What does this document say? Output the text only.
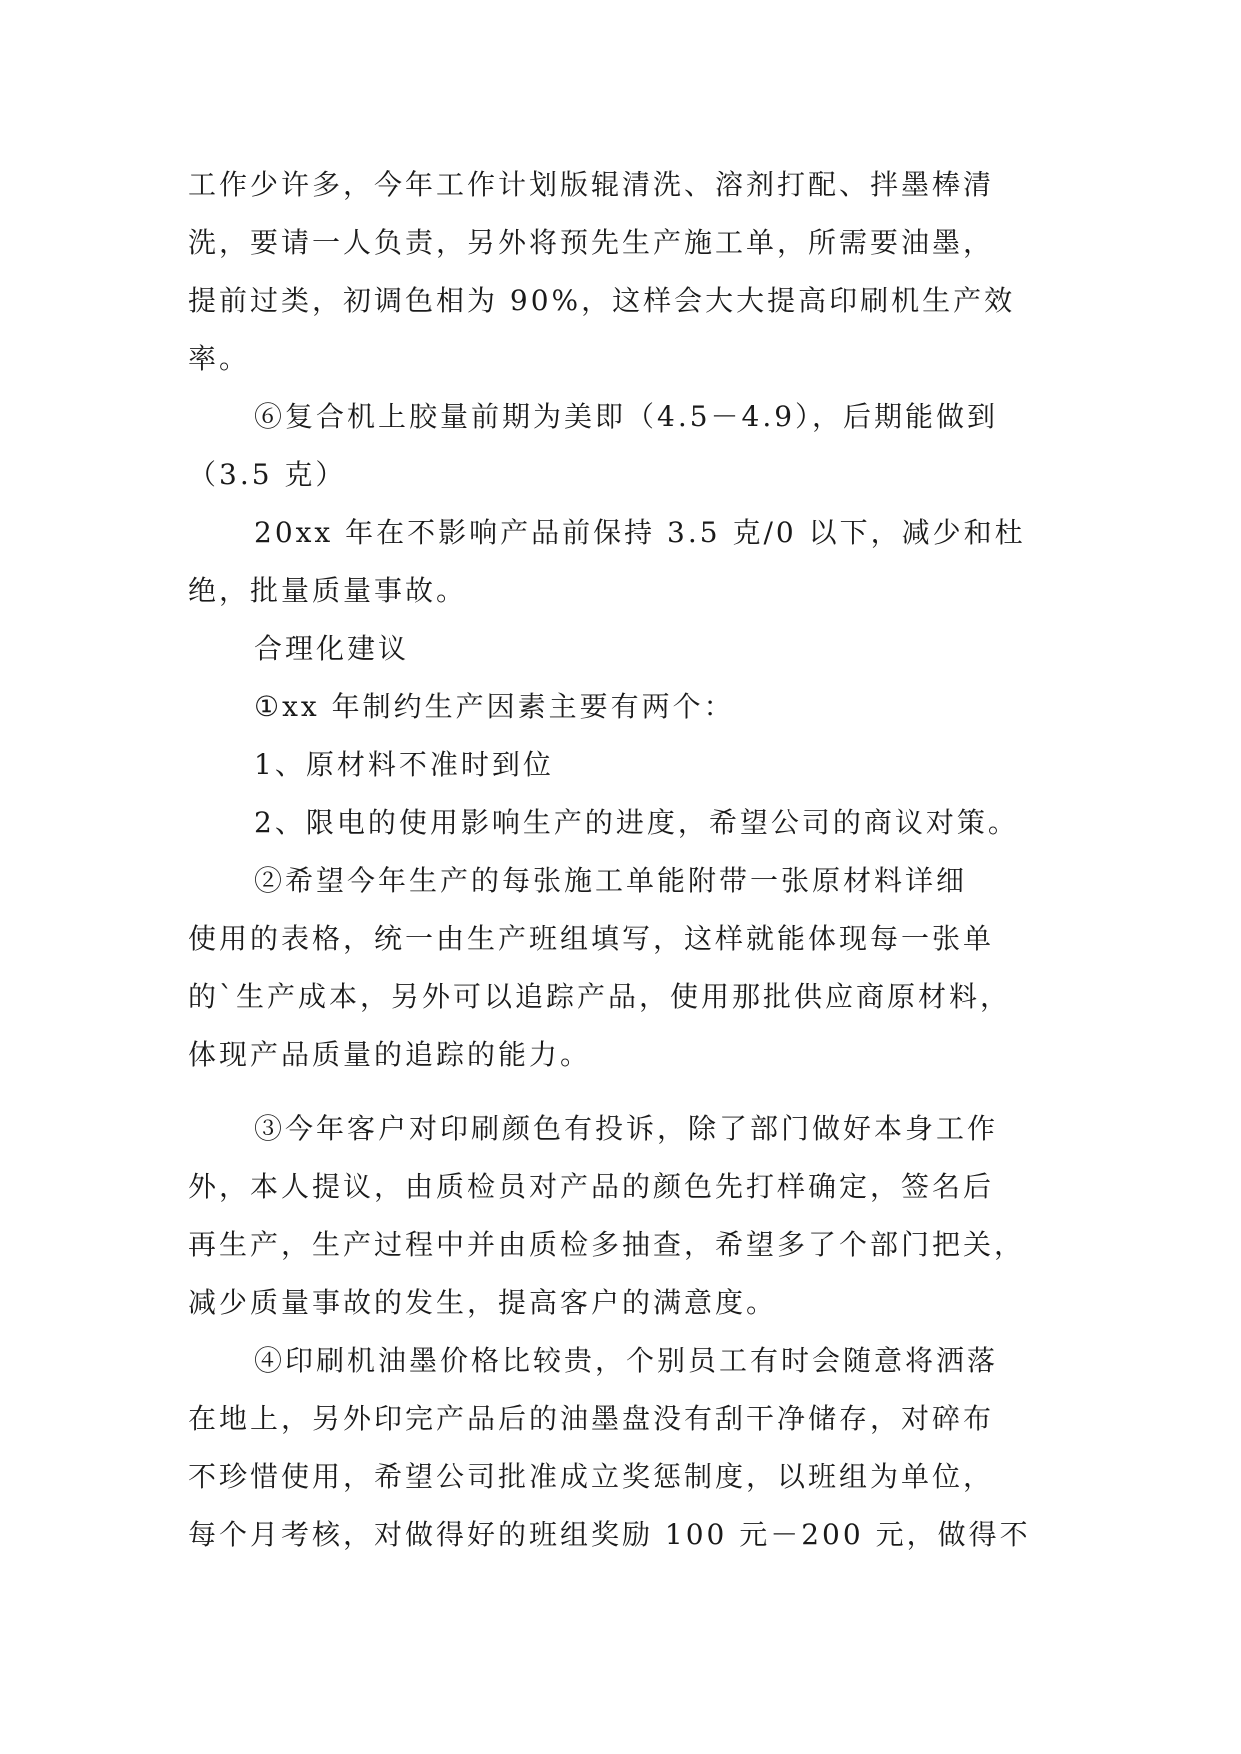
工作少许多，今年工作计划版辊清洗、溶剂打配、拌墨棒清
洗，要请一人负责，另外将预先生产施工单，所需要油墨，
提前过类，初调色相为 90%，这样会大大提高印刷机生产效
率。
⑥复合机上胶量前期为美即（4.5－4.9），后期能做到
（3.5 克）
20xx 年在不影响产品前保持 3.5 克/0 以下，减少和杜
绝，批量质量事故。
合理化建议
①xx 年制约生产因素主要有两个：
1、原材料不准时到位
2、限电的使用影响生产的进度，希望公司的商议对策。
②希望今年生产的每张施工单能附带一张原材料详细
使用的表格，统一由生产班组填写，这样就能体现每一张单
的`生产成本，另外可以追踪产品，使用那批供应商原材料，
体现产品质量的追踪的能力。
③今年客户对印刷颜色有投诉，除了部门做好本身工作
外，本人提议，由质检员对产品的颜色先打样确定，签名后
再生产，生产过程中并由质检多抽查，希望多了个部门把关，
减少质量事故的发生，提高客户的满意度。
④印刷机油墨价格比较贵，个别员工有时会随意将洒落
在地上，另外印完产品后的油墨盘没有刮干净储存，对碎布
不珍惜使用，希望公司批准成立奖惩制度，以班组为单位，
每个月考核，对做得好的班组奖励 100 元－200 元，做得不
